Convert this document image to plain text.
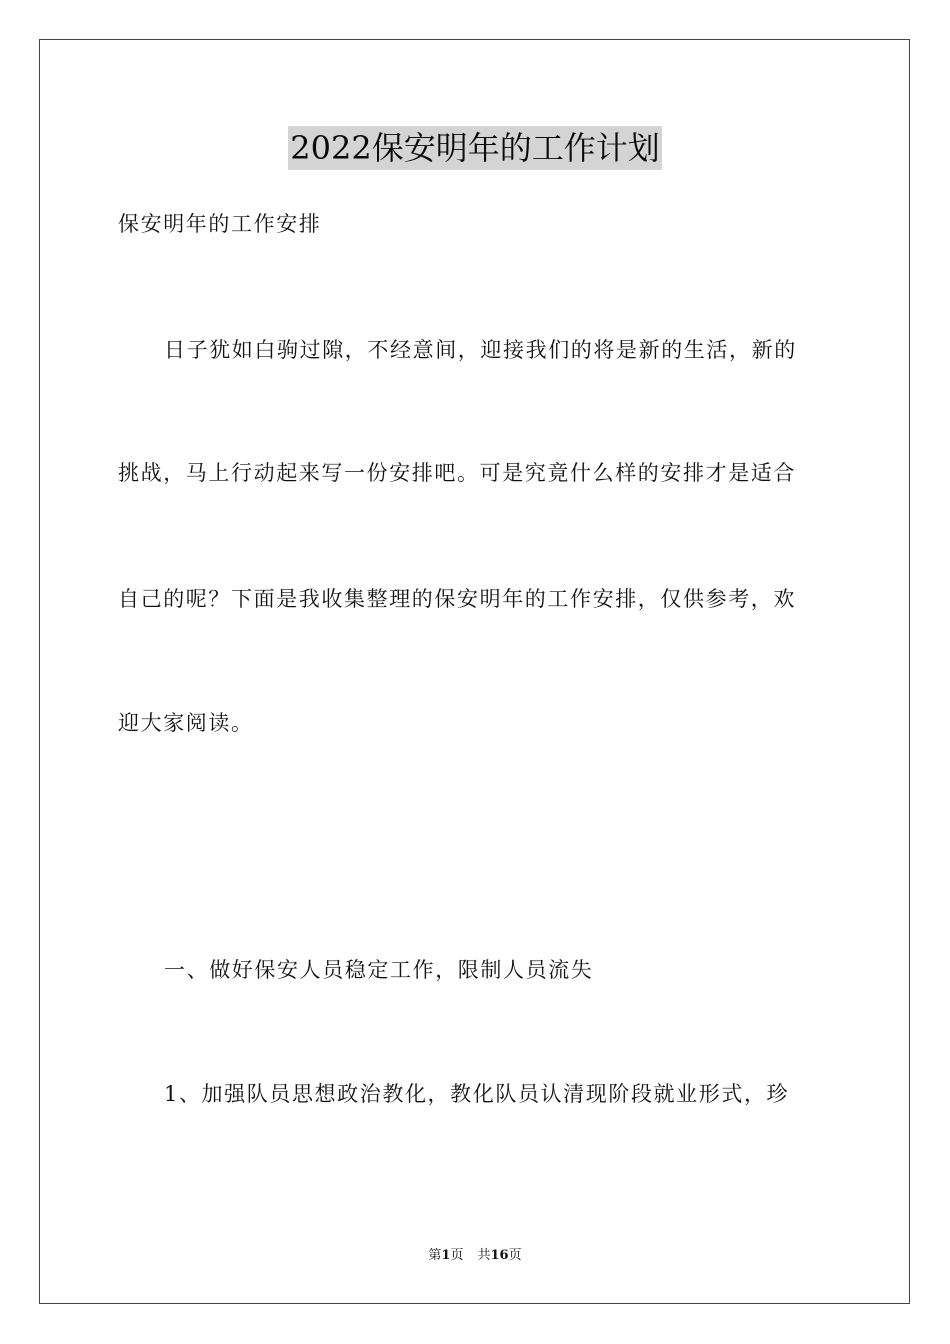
2022保安明年的工作计划
保安明年的工作安排
日子犹如白驹过隙，不经意间，迎接我们的将是新的生活，新的
挑战，马上行动起来写一份安排吧。可是究竟什么样的安排才是适合
自己的呢？下面是我收集整理的保安明年的工作安排，仅供参考，欢
迎大家阅读。
一、做好保安人员稳定工作，限制人员流失
1、加强队员思想政治教化，教化队员认清现阶段就业形式，珍
第1页 共16页
